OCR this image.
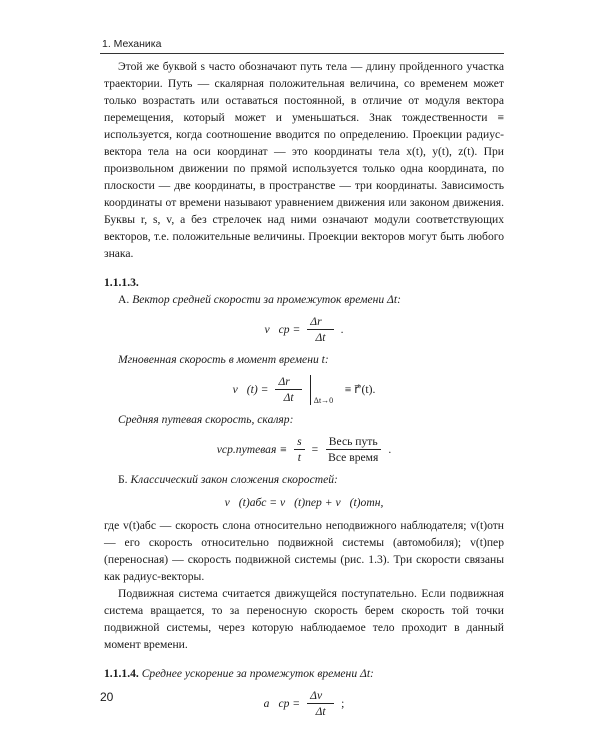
1. Механика

Этой же буквой s часто обозначают путь тела — длину пройденного участка траектории. Путь — скалярная положительная величина, со временем может только возрастать или оставаться постоянной, в отличие от модуля вектора перемещения, который может и уменьшаться. Знак тождественности ≡ используется, когда соотношение вводится по определению. Проекции радиус-вектора тела на оси координат — это координаты тела x(t), y(t), z(t). При произвольном движении по прямой используется только одна координата, по плоскости — две координаты, в пространстве — три координаты. Зависимость координаты от времени называют уравнением движения или законом движения. Буквы r, s, v, a без стрелочек над ними означают модули соответствующих векторов, т.е. положительные величины. Проекции векторов могут быть любого знака.

1.1.1.3.

А. Вектор средней скорости за промежуток времени Δt:

v⃗ср = $\frac{\Delta r⃗}{\Delta t}$ .

Мгновенная скорость в момент времени t:

v⃗(t) = $\frac{\Delta r⃗}{\Delta t} \Delta t\to 0$
≡ r⃗′(t).

Средняя путевая скорость, скаляр:

vср.путевая ≡ $\frac{s}{t} = \frac{\text{Весь путь}}{\text{Все время}}$ .

Б. Классический закон сложения скоростей:

v⃗(t)абс = v⃗(t)пер + v⃗(t)отн,

где v(t)абс — скорость слона относительно неподвижного наблюдателя; v(t)отн — его скорость относительно подвижной системы (автомобиля); v(t)пер (переносная) — скорость подвижной системы (рис. 1.3). Три скорости связаны как радиус-векторы.

Подвижная система считается движущейся поступательно. Если подвижная система вращается, то за переносную скорость берем скорость той точки подвижной системы, через которую наблюдаемое тело проходит в данный момент времени.

1.1.1.4. Среднее ускорение за промежуток времени Δt:

a⃗ср = $\frac{\Delta v⃗}{\Delta t}$ ;
20
